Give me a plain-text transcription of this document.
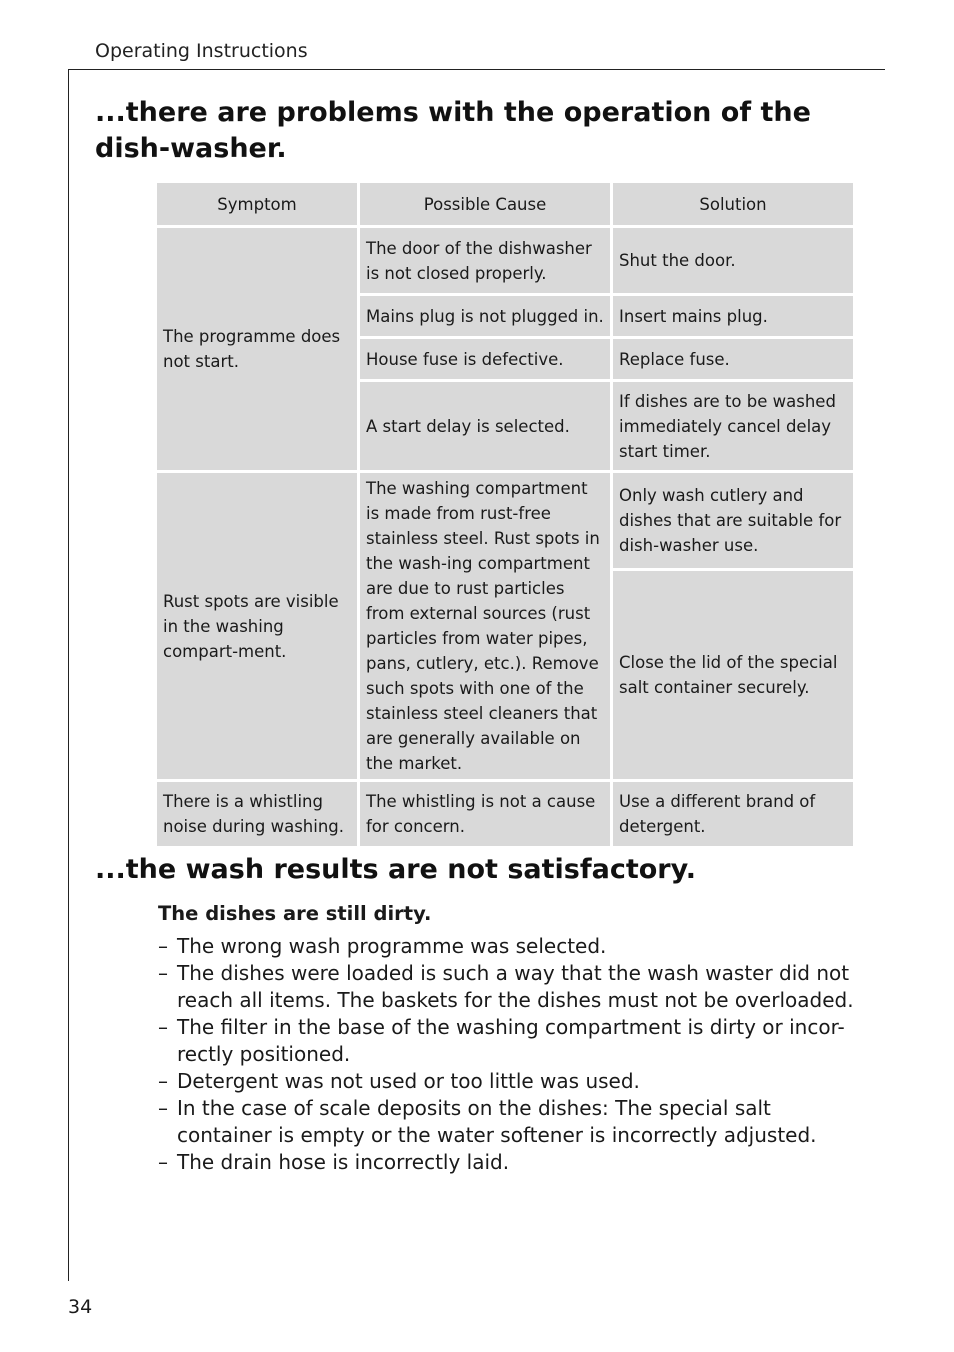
Operating Instructions
...there are problems with the operation of the dish-washer.
Symptom	Possible Cause	Solution
The programme does not start.	The door of the dishwasher is not closed properly.	Shut the door.
	Mains plug is not plugged in.	Insert mains plug.
	House fuse is defective.	Replace fuse.
	A start delay is selected.	If dishes are to be washed immediately cancel delay start timer.
Rust spots are visible in the washing compart-ment.	The washing compartment is made from rust-free stainless steel. Rust spots in the wash-ing compartment are due to rust particles from external sources (rust particles from water pipes, pans, cutlery, etc.). Remove such spots with one of the stainless steel cleaners that are generally available on the market.	Only wash cutlery and dishes that are suitable for dish-washer use.
		Close the lid of the special salt container securely.
There is a whistling noise during washing.	The whistling is not a cause for concern.	Use a different brand of detergent.
...the wash results are not satisfactory.
The dishes are still dirty.
– The wrong wash programme was selected.
– The dishes were loaded is such a way that the wash waster did not reach all items. The baskets for the dishes must not be overloaded.
– The filter in the base of the washing compartment is dirty or incor-rectly positioned.
– Detergent was not used or too little was used.
– In the case of scale deposits on the dishes: The special salt container is empty or the water softener is incorrectly adjusted.
– The drain hose is incorrectly laid.
34
